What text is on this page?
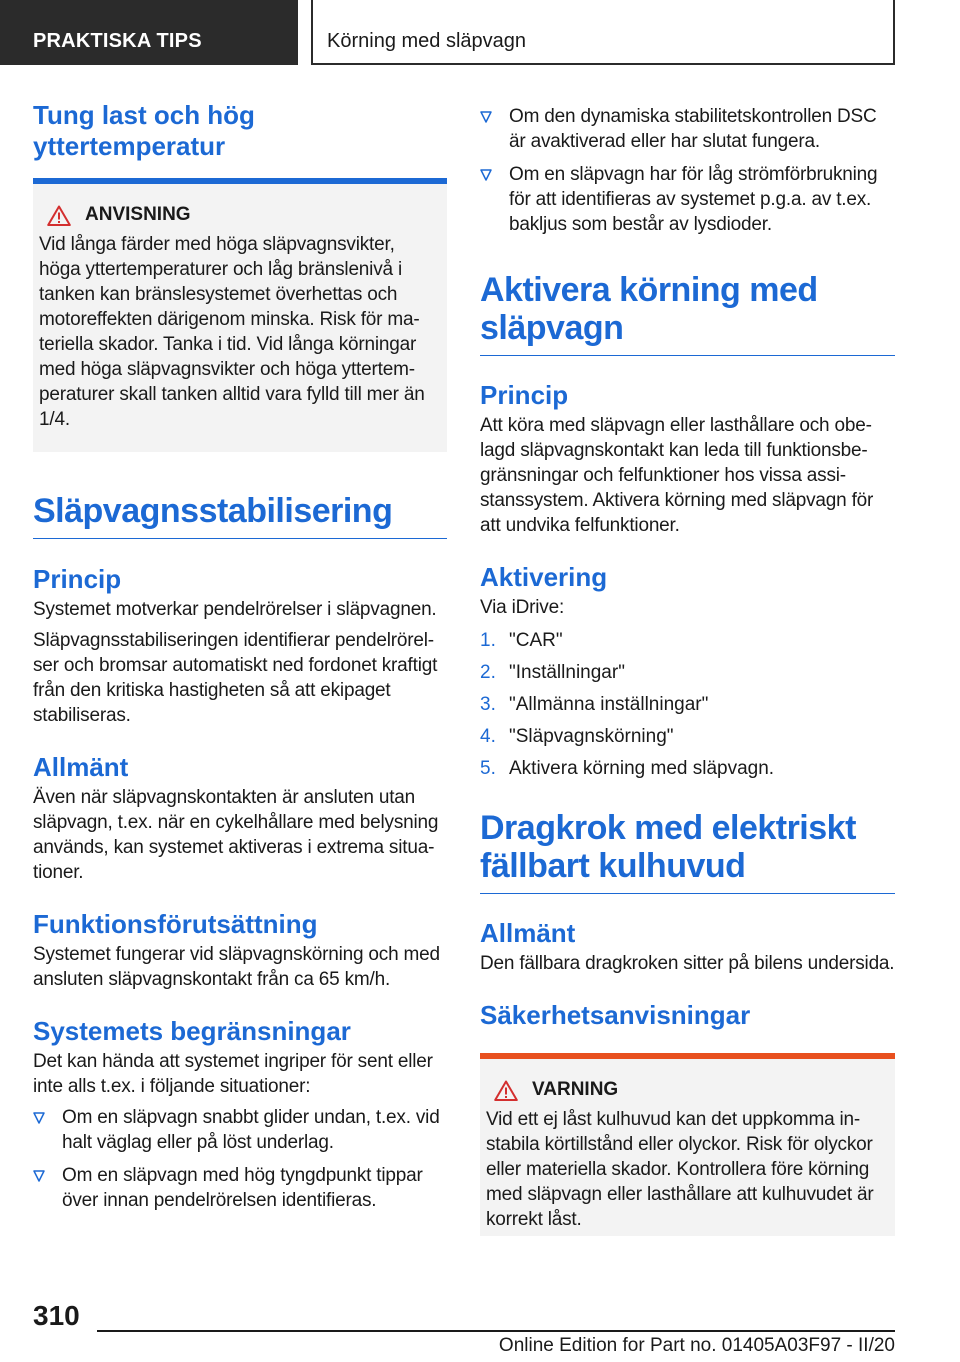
PRAKTISKA TIPS	Körning med släpvagn
Tung last och hög yttertemperatur
ANVISNING

Vid långa färder med höga släpvagnsvikter, höga yttertemperaturer och låg bränslenivå i tanken kan bränslesystemet överhettas och motoreffekten därigenom minska. Risk för materiella skador. Tanka i tid. Vid långa körningar med höga släpvagnsvikter och höga yttertemperaturer skall tanken alltid vara fylld till mer än 1/4.

Släpvagnsstabilisering
Princip

Systemet motverkar pendelrörelser i släpvagnen.

Släpvagnsstabiliseringen identifierar pendelrörelser och bromsar automatiskt ned fordonet kraftigt från den kritiska hastigheten så att ekipaget stabiliseras.

Allmänt

Även när släpvagnskontakten är ansluten utan släpvagn, t.ex. när en cykelhållare med belysning används, kan systemet aktiveras i extrema situationer.

Funktionsförutsättning

Systemet fungerar vid släpvagnskörning och med ansluten släpvagnskontakt från ca 65 km/h.

Systemets begränsningar

Det kan hända att systemet ingriper för sent eller inte alls t.ex. i följande situationer:

Om en släpvagn snabbt glider undan, t.ex. vid halt väglag eller på löst underlag.
Om en släpvagn med hög tyngdpunkt tippar över innan pendelrörelsen identifieras.
Om den dynamiska stabilitetskontrollen DSC är avaktiverad eller har slutat fungera.
Om en släpvagn har för låg strömförbrukning för att identifieras av systemet p.g.a. av t.ex. bakljus som består av lysdioder.
Aktivera körning med släpvagn
Princip

Att köra med släpvagn eller lasthållare och obelagd släpvagnskontakt kan leda till funktionsbegränsningar och felfunktioner hos vissa assistanssystem. Aktivera körning med släpvagn för att undvika felfunktioner.

Aktivering

Via iDrive:

1. "CAR"
2. "Inställningar"
3. "Allmänna inställningar"
4. "Släpvagnskörning"
5. Aktivera körning med släpvagn.
Dragkrok med elektriskt fällbart kulhuvud
Allmänt

Den fällbara dragkroken sitter på bilens undersida.

Säkerhetsanvisningar
VARNING

Vid ett ej låst kulhuvud kan det uppkomma instabila körtillstånd eller olyckor. Risk för olyckor eller materiella skador. Kontrollera före körning med släpvagn eller lasthållare att kulhuvudet är korrekt låst.

310
Online Edition for Part no. 01405A03F97 - II/20
